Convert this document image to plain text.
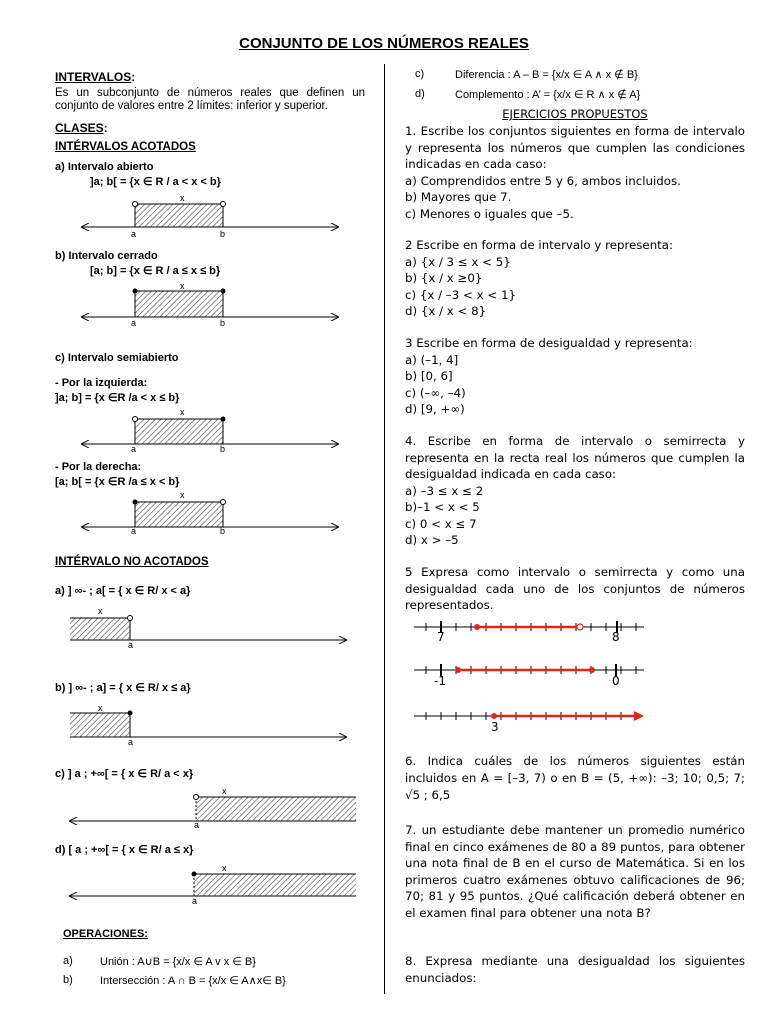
CONJUNTO DE LOS NÚMEROS REALES
INTERVALOS:
Es un subconjunto de números reales que definen un conjunto de valores entre 2 límites: inferior y superior.
CLASES:
INTÉRVALOS ACOTADOS
a) Intervalo abierto
]a; b[ = {x ∈ R / a < x < b}
x
a	b
b) Intervalo cerrado
[a; b] = {x ∈ R / a ≤ x ≤ b}
x
a	b
c) Intervalo semiabierto
- Por la izquierda:
]a; b] = {x ∈R /a < x ≤ b}
x
a	b
- Por la derecha:
[a; b[ = {x ∈R /a ≤ x < b}
x
a	b
INTÉRVALO NO ACOTADOS
a) ] ∞- ; a[ = { x ∈ R/ x < a}
x
a
b) ] ∞- ; a] = { x ∈ R/ x ≤ a}
x
a
c) ] a ; +∞[ = { x ∈ R/ a < x}
x
a
d) [ a ; +∞[ = { x ∈ R/ a ≤ x}
x
a
OPERACIONES:
a) Unión : A∪B = {x/x ∈ A v x ∈ B}
b) Intersección : A ∩ B = {x/x ∈ A∧x∈ B}
c)	Diferencia : A – B = {x/x ∈ A ∧ x ∉ B}
d)	Complemento : A’ = {x/x ∈ R ∧ x ∉ A}
EJERCICIOS PROPUESTOS

1. Escribe los conjuntos siguientes en forma de intervalo y representa los números que cumplen las condiciones indicadas en cada caso:

a) Comprendidos entre 5 y 6, ambos incluidos.

b) Mayores que 7.

c) Menores o iguales que –5.

2 Escribe en forma de intervalo y representa:

a) {x / 3 ≤ x < 5}

b) {x / x ≥0}

c) {x / –3 < x < 1}

d) {x / x < 8}

3 Escribe en forma de desigualdad y representa:

a) (–1, 4]

b) [0, 6]

c) (–∞, –4)

d) [9, +∞)

4. Escribe en forma de intervalo o semirrecta y representa en la recta real los números que cumplen la desigualdad indicada en cada caso:

a) –3 ≤ x ≤ 2

b)–1 < x < 5

c) 0 < x ≤ 7

d) x > –5

5 Expresa como intervalo o semirrecta y como una desigualdad cada uno de los conjuntos de números representados.

7	8
-1	0
3

6. Indica cuáles de los números siguientes están incluidos en A = [–3, 7) o en B = (5, +∞): –3; 10; 0,5; 7; √5 ; 6,5

7. un estudiante debe mantener un promedio numérico final en cinco exámenes de 80 a 89 puntos, para obtener una nota final de B en el curso de Matemática. Si en los primeros cuatro exámenes obtuvo calificaciones de 96; 70; 81 y 95 puntos. ¿Qué calificación deberá obtener en el examen final para obtener una nota B?

8. Expresa mediante una desigualdad los siguientes enunciados:
